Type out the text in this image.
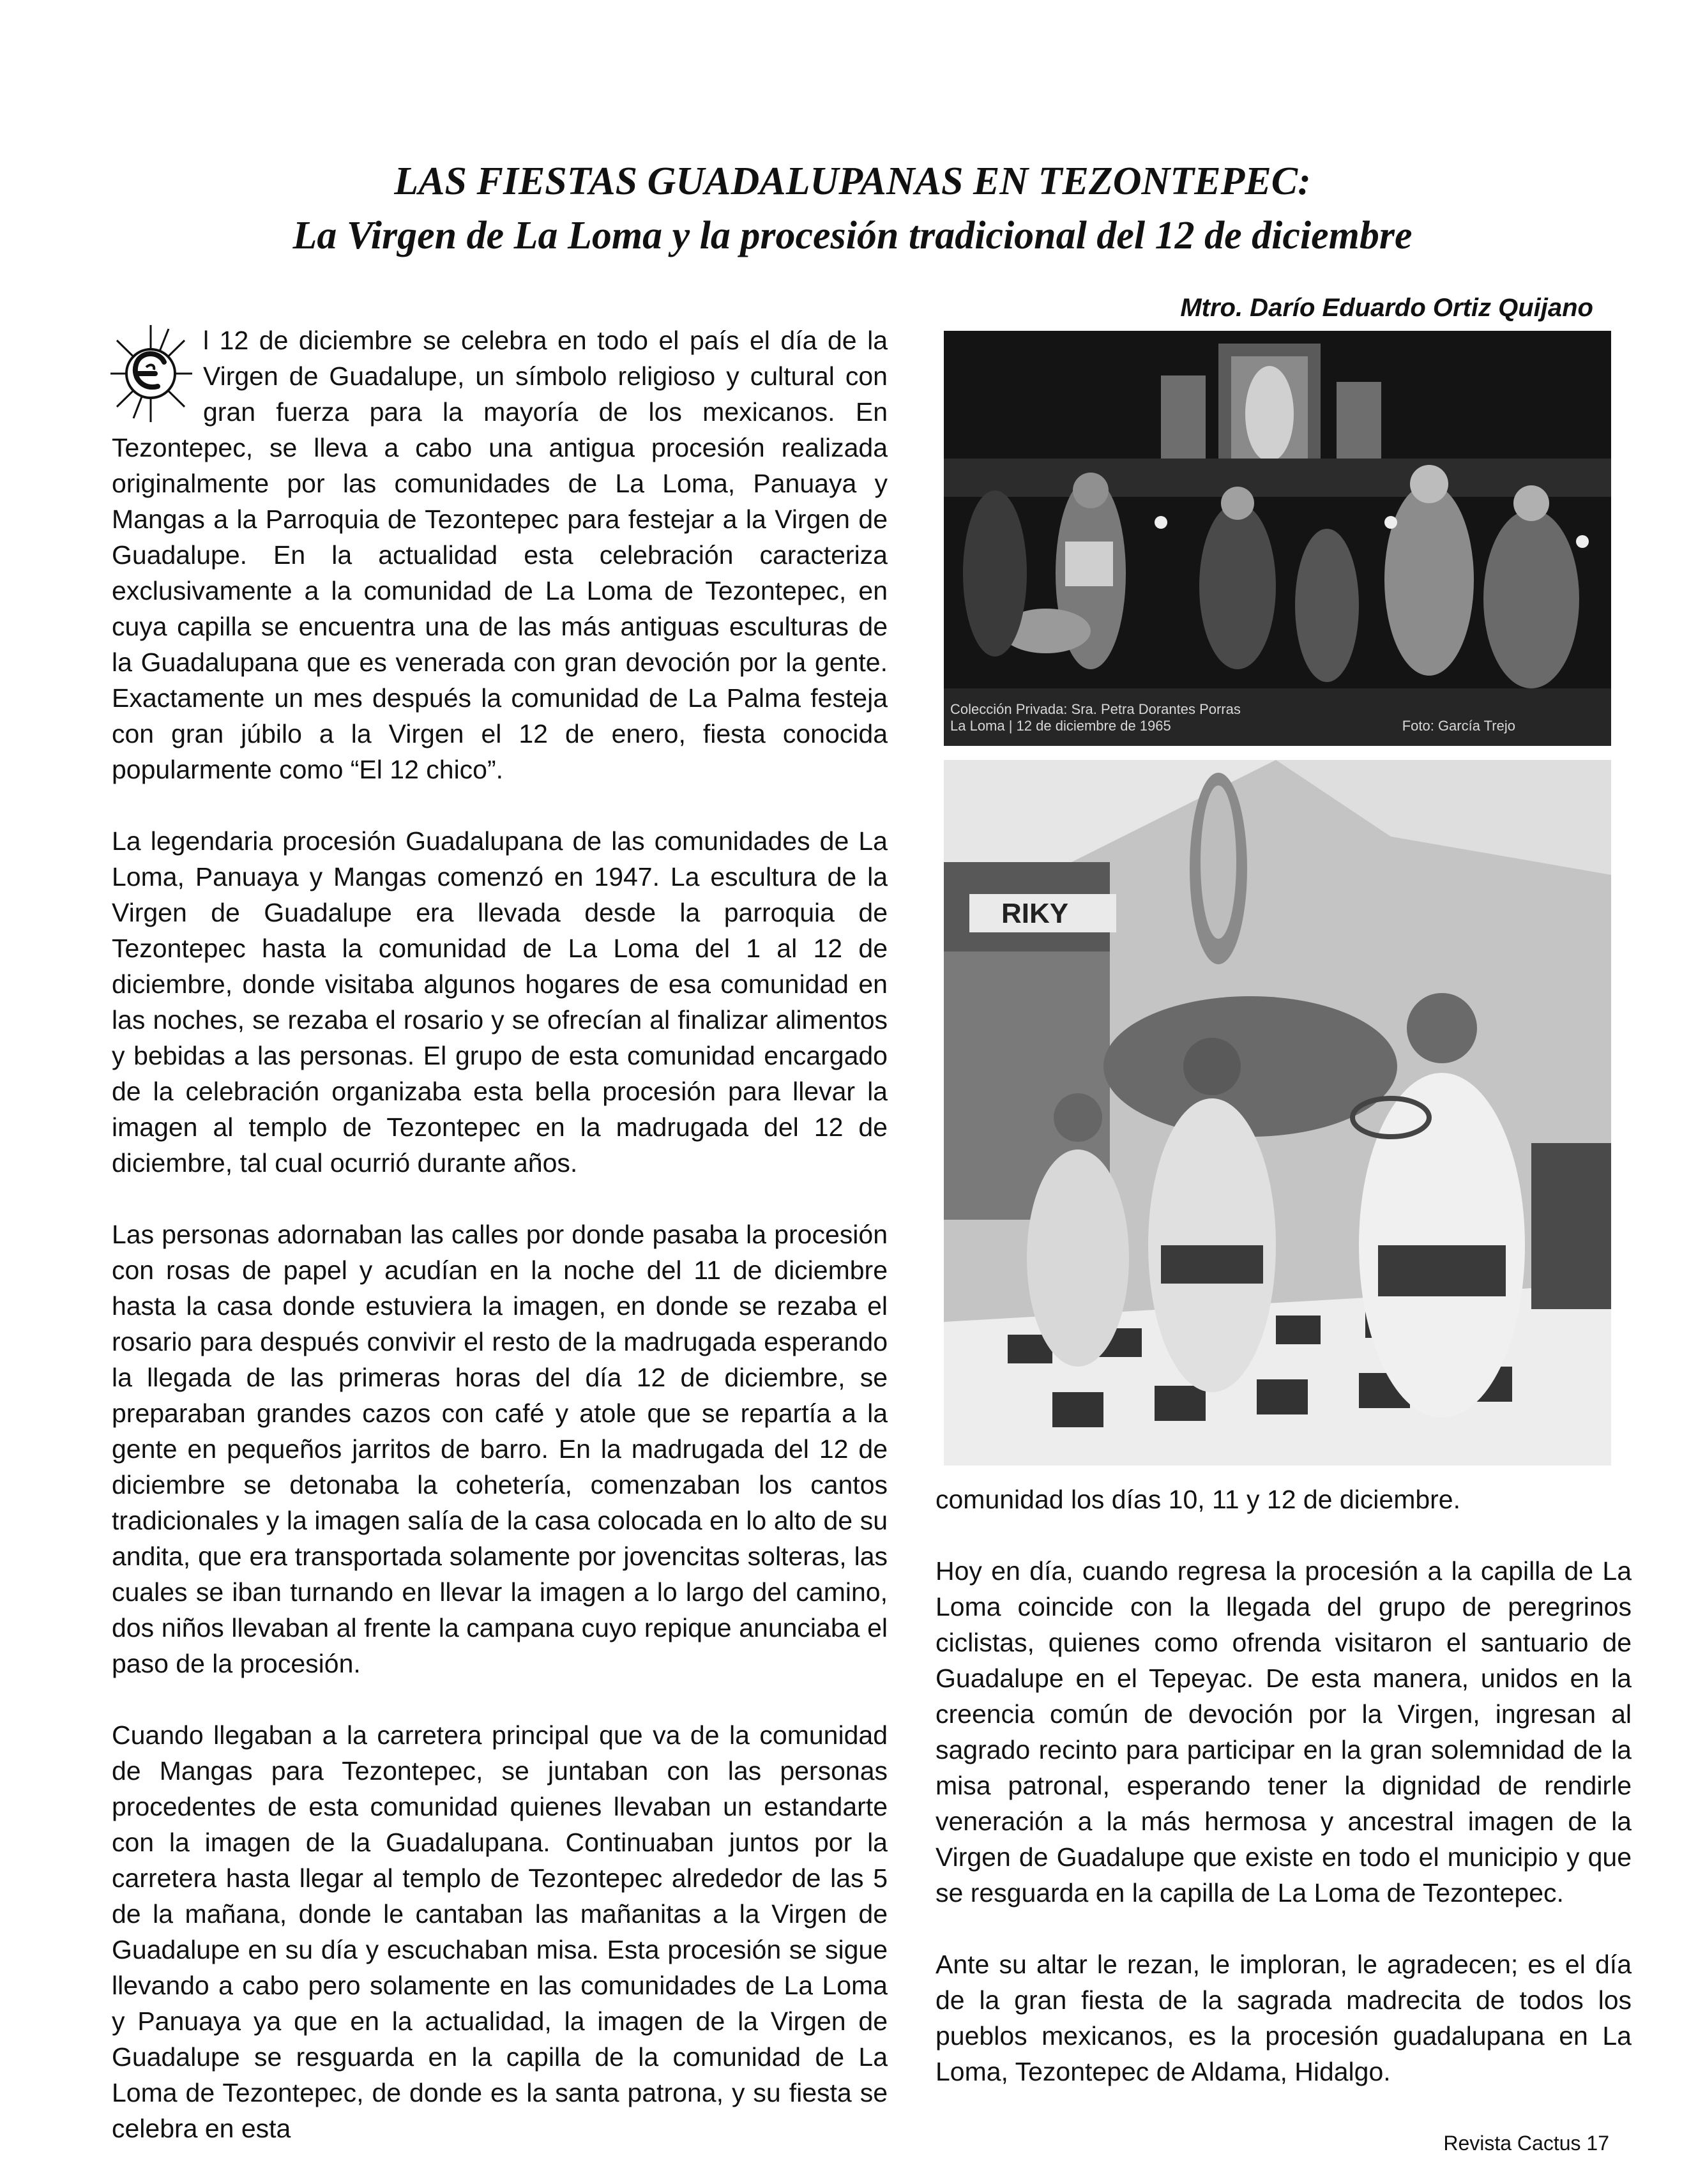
LAS FIESTAS GUADALUPANAS EN TEZONTEPEC:
La Virgen de La Loma y la procesión tradicional del 12 de diciembre
Mtro. Darío Eduardo Ortiz Quijano

l 12 de diciembre se celebra en todo el país el día de la Virgen de Guadalupe, un símbolo religioso y cultural con gran fuerza para la mayoría de los mexicanos. En Tezontepec, se lleva a cabo una antigua procesión realizada originalmente por las comunidades de La Loma, Panuaya y Mangas a la Parroquia de Tezontepec para festejar a la Virgen de Guadalupe. En la actualidad esta celebración caracteriza exclusivamente a la comunidad de La Loma de Tezontepec, en cuya capilla se encuentra una de las más antiguas esculturas de la Guadalupana que es venerada con gran devoción por la gente. Exactamente un mes después la comunidad de La Palma festeja con gran júbilo a la Virgen el 12 de enero, fiesta conocida popularmente como “El 12 chico”.

La legendaria procesión Guadalupana de las comunidades de La Loma, Panuaya y Mangas comenzó en 1947. La escultura de la Virgen de Guadalupe era llevada desde la parroquia de Tezontepec hasta la comunidad de La Loma del 1 al 12 de diciembre, donde visitaba algunos hogares de esa comunidad en las noches, se rezaba el rosario y se ofrecían al finalizar alimentos y bebidas a las personas. El grupo de esta comunidad encargado de la celebración organizaba esta bella procesión para llevar la imagen al templo de Tezontepec en la madrugada del 12 de diciembre, tal cual ocurrió durante años.

Las personas adornaban las calles por donde pasaba la procesión con rosas de papel y acudían en la noche del 11 de diciembre hasta la casa donde estuviera la imagen, en donde se rezaba el rosario para después convivir el resto de la madrugada esperando la llegada de las primeras horas del día 12 de diciembre, se preparaban grandes cazos con café y atole que se repartía a la gente en pequeños jarritos de barro. En la madrugada del 12 de diciembre se detonaba la cohetería, comenzaban los cantos tradicionales y la imagen salía de la casa colocada en lo alto de su andita, que era transportada solamente por jovencitas solteras, las cuales se iban turnando en llevar la imagen a lo largo del camino, dos niños llevaban al frente la campana cuyo repique anunciaba el paso de la procesión.

Cuando llegaban a la carretera principal que va de la comunidad de Mangas para Tezontepec, se juntaban con las personas procedentes de esta comunidad quienes llevaban un estandarte con la imagen de la Guadalupana. Continuaban juntos por la carretera hasta llegar al templo de Tezontepec alrededor de las 5 de la mañana, donde le cantaban las mañanitas a la Virgen de Guadalupe en su día y escuchaban misa. Esta procesión se sigue llevando a cabo pero solamente en las comunidades de La Loma y Panuaya ya que en la actualidad, la imagen de la Virgen de Guadalupe se resguarda en la capilla de la comunidad de La Loma de Tezontepec, de donde es la santa patrona, y su fiesta se celebra en esta

Colección Privada: Sra. Petra Dorantes Porras
La Loma | 12 de diciembre de 1965	Foto: García Trejo
RIKY

comunidad los días 10, 11 y 12 de diciembre.

Hoy en día, cuando regresa la procesión a la capilla de La Loma coincide con la llegada del grupo de peregrinos ciclistas, quienes como ofrenda visitaron el santuario de Guadalupe en el Tepeyac. De esta manera, unidos en la creencia común de devoción por la Virgen, ingresan al sagrado recinto para participar en la gran solemnidad de la misa patronal, esperando tener la dignidad de rendirle veneración a la más hermosa y ancestral imagen de la Virgen de Guadalupe que existe en todo el municipio y que se resguarda en la capilla de La Loma de Tezontepec.

Ante su altar le rezan, le imploran, le agradecen; es el día de la gran fiesta de la sagrada madrecita de todos los pueblos mexicanos, es la procesión guadalupana en La Loma, Tezontepec de Aldama, Hidalgo.

Revista Cactus 17
